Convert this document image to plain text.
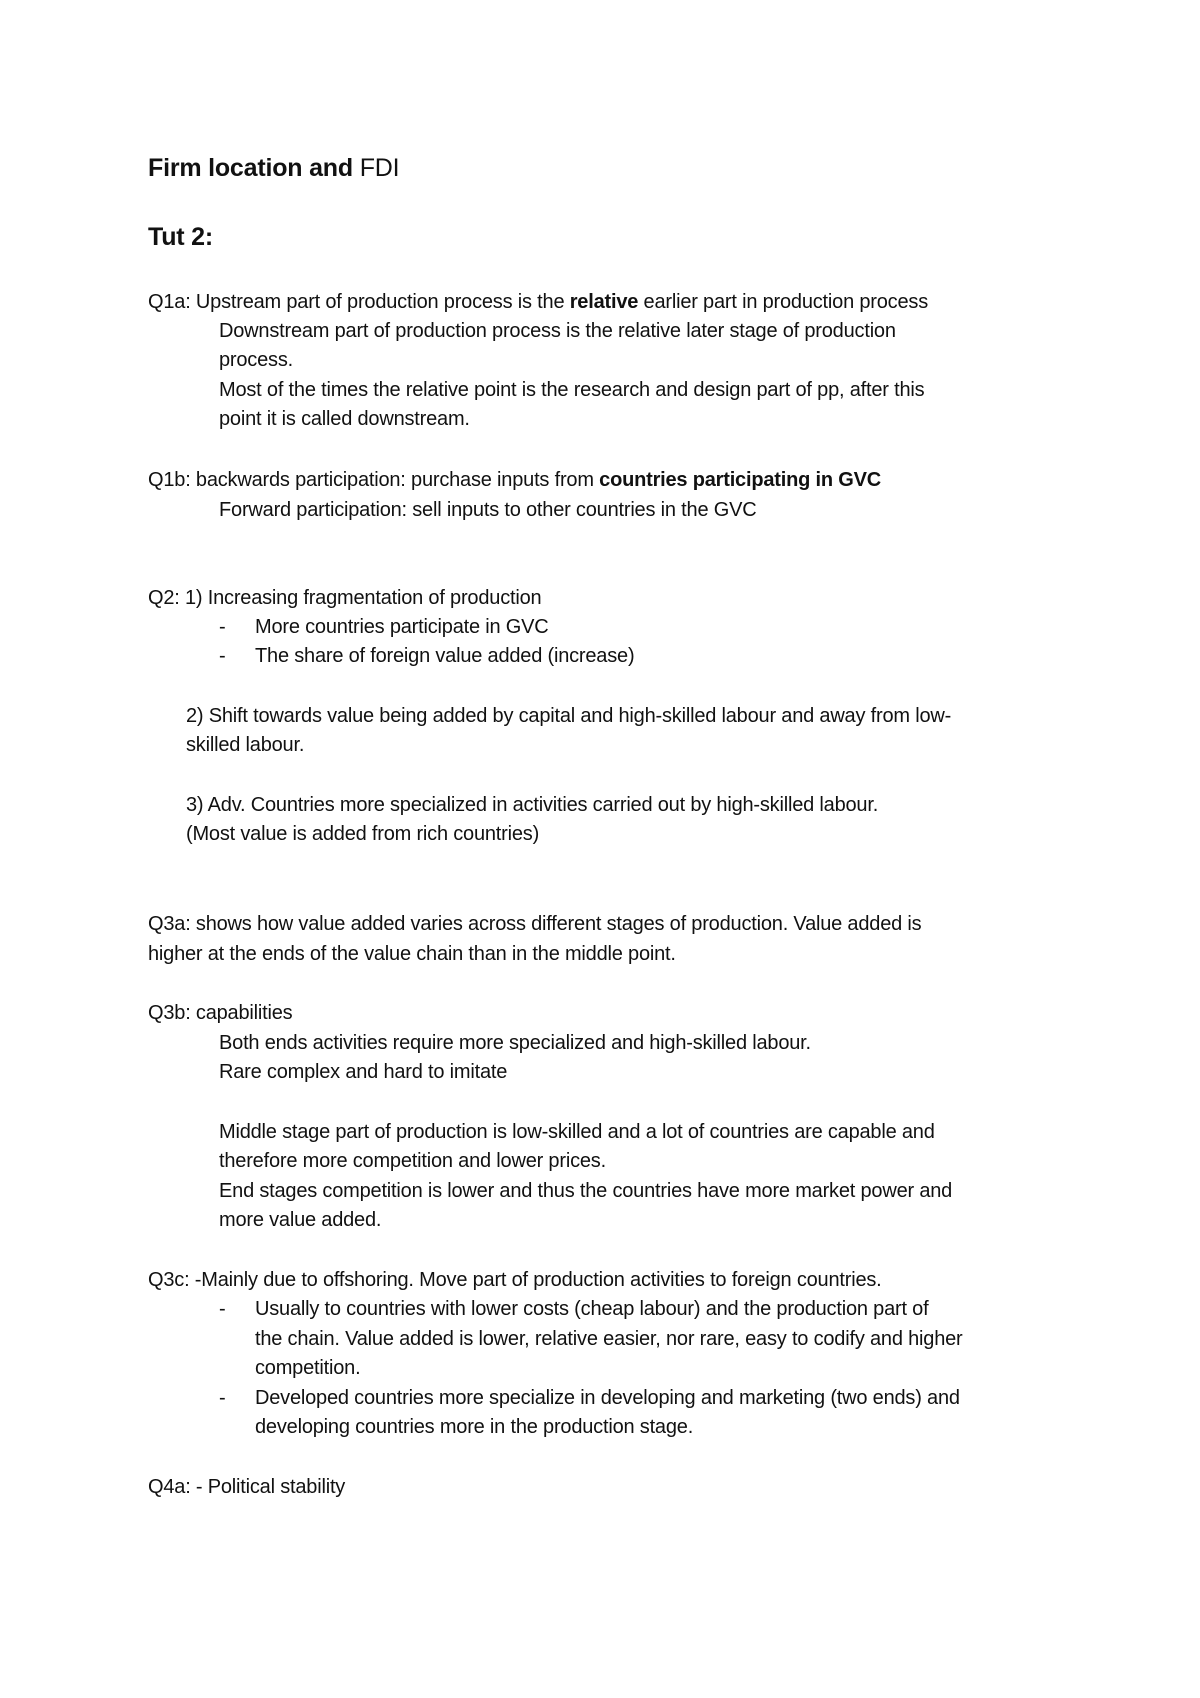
Firm location and FDI
Tut 2:
Q1a: Upstream part of production process is the relative earlier part in production process
Downstream part of production process is the relative later stage of production
process.
Most of the times the relative point is the research and design part of pp, after this
point it is called downstream.
Q1b: backwards participation: purchase inputs from countries participating in GVC
Forward participation: sell inputs to other countries in the GVC
Q2: 1) Increasing fragmentation of production
- More countries participate in GVC
- The share of foreign value added (increase)
2) Shift towards value being added by capital and high-skilled labour and away from low-
skilled labour.
3) Adv. Countries more specialized in activities carried out by high-skilled labour.
(Most value is added from rich countries)
Q3a: shows how value added varies across different stages of production. Value added is
higher at the ends of the value chain than in the middle point.
Q3b: capabilities
Both ends activities require more specialized and high-skilled labour.
Rare complex and hard to imitate
Middle stage part of production is low-skilled and a lot of countries are capable and
therefore more competition and lower prices.
End stages competition is lower and thus the countries have more market power and
more value added.
Q3c: -Mainly due to offshoring. Move part of production activities to foreign countries.
- Usually to countries with lower costs (cheap labour) and the production part of
the chain. Value added is lower, relative easier, nor rare, easy to codify and higher
competition.
- Developed countries more specialize in developing and marketing (two ends) and
developing countries more in the production stage.
Q4a: - Political stability
